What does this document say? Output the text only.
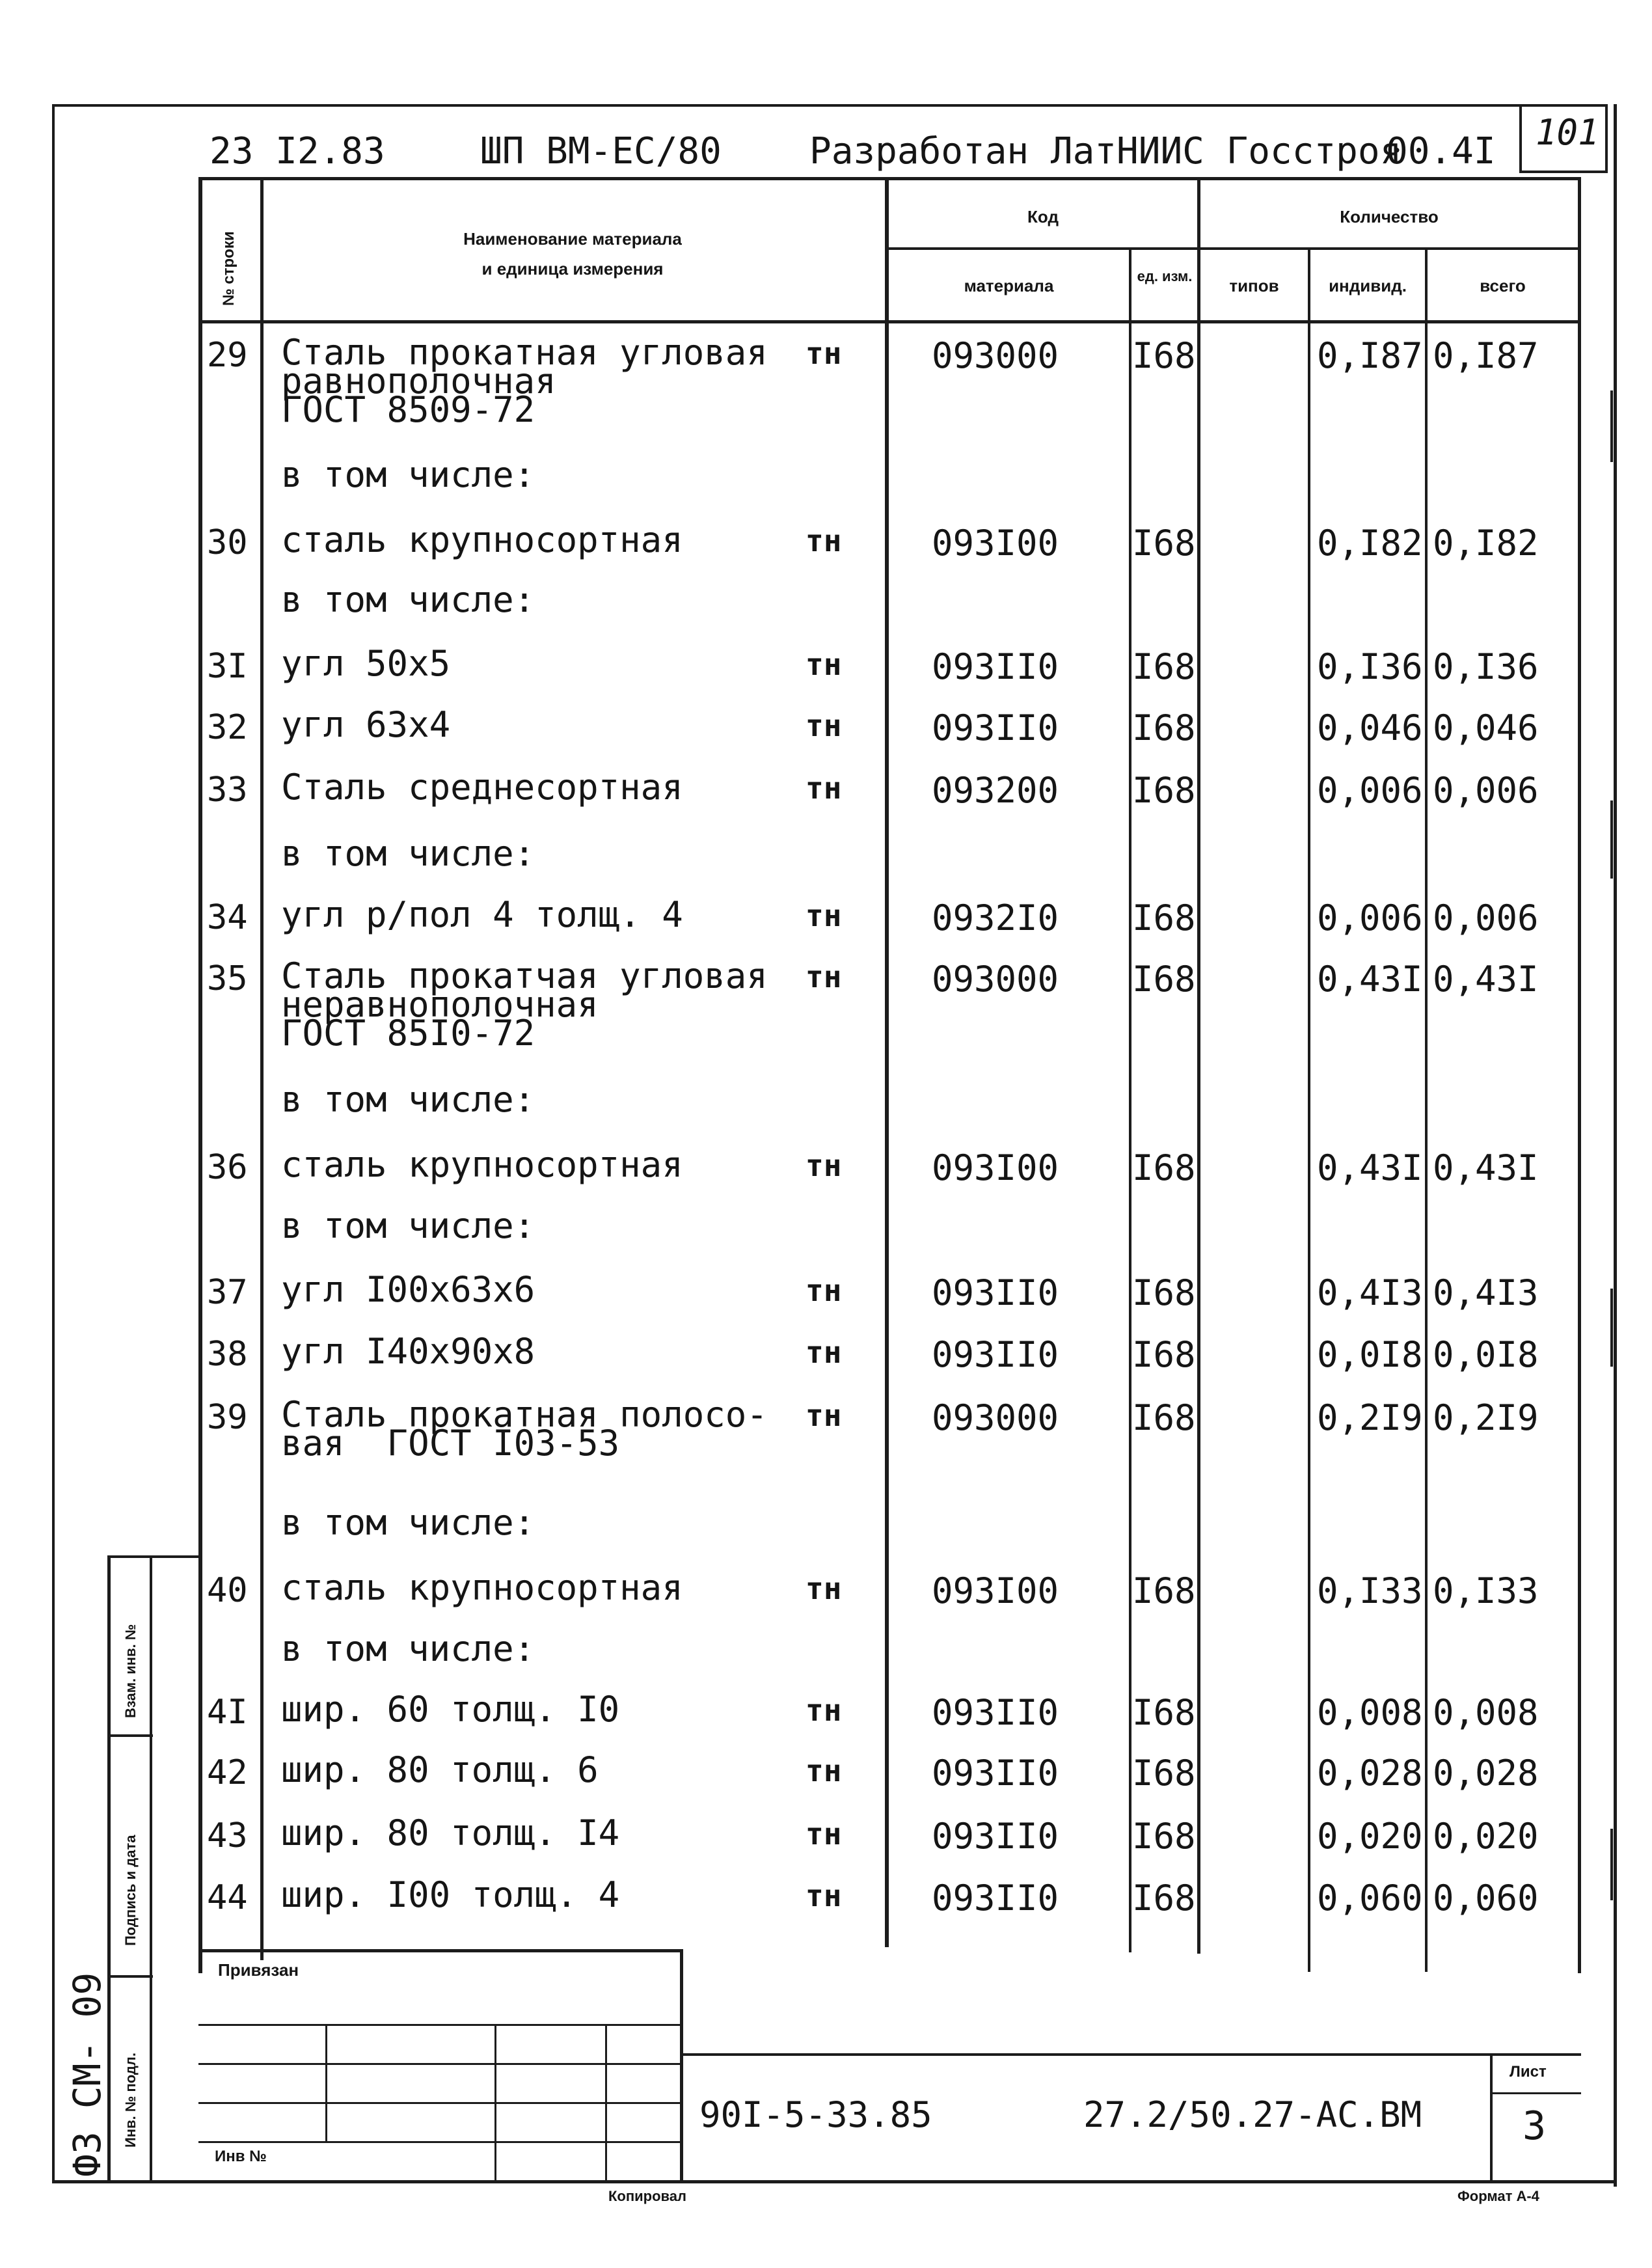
23 I2.83	ШП ВМ-ЕС/80 Разработан ЛатНИИС Госстроя
00.4I 101
№ строки	Наименование материала
и единица измерения
Код
материала	ед. изм.
Количество
типов	индивид.	всего
29 Сталь прокатная угловая
равнополочная
ГОСТ 8509-72
тн	093000 I68	0,I87 0,I87
в том числе:
30 сталь крупносортная	тн	093I00 I68	0,I82 0,I82
в том числе:
3I угл 50х5	тн	093II0 I68	0,I36 0,I36
32 угл 63х4	тн	093II0 I68	0,046 0,046
33 Сталь среднесортная	тн	093200 I68	0,006 0,006
в том числе:
34 угл р/пол 4 толщ. 4	тн	0932I0 I68	0,006 0,006
35 Сталь прокатчая угловая
неравнополочная
ГОСТ 85I0-72
тн	093000 I68	0,43I 0,43I
в том числе:
36 сталь крупносортная	тн	093I00 I68	0,43I 0,43I
в том числе:
37 угл I00х63х6	тн	093II0 I68	0,4I3 0,4I3
38 угл I40х90х8	тн	093II0 I68	0,0I8 0,0I8
39 Сталь прокатная полосо-
вая  ГОСТ I03-53
тн	093000 I68	0,2I9 0,2I9
в том числе:
40 сталь крупносортная	тн	093I00 I68	0,I33 0,I33
в том числе:
4I шир. 60 толщ. I0	тн	093II0 I68	0,008 0,008
42 шир. 80 толщ. 6	тн	093II0 I68	0,028 0,028
43 шир. 80 толщ. I4	тн	093II0 I68	0,020 0,020
44 шир. I00 толщ. 4	тн	093II0 I68	0,060 0,060
Привязан
Инв №
90I-5-33.85	27.2/50.27-АС.ВМ
Лист
3
Копировал	Формат А-4
Взам. инв. №
Подпись и дата
Инв. № подл.
Ф3 СМ- 09
